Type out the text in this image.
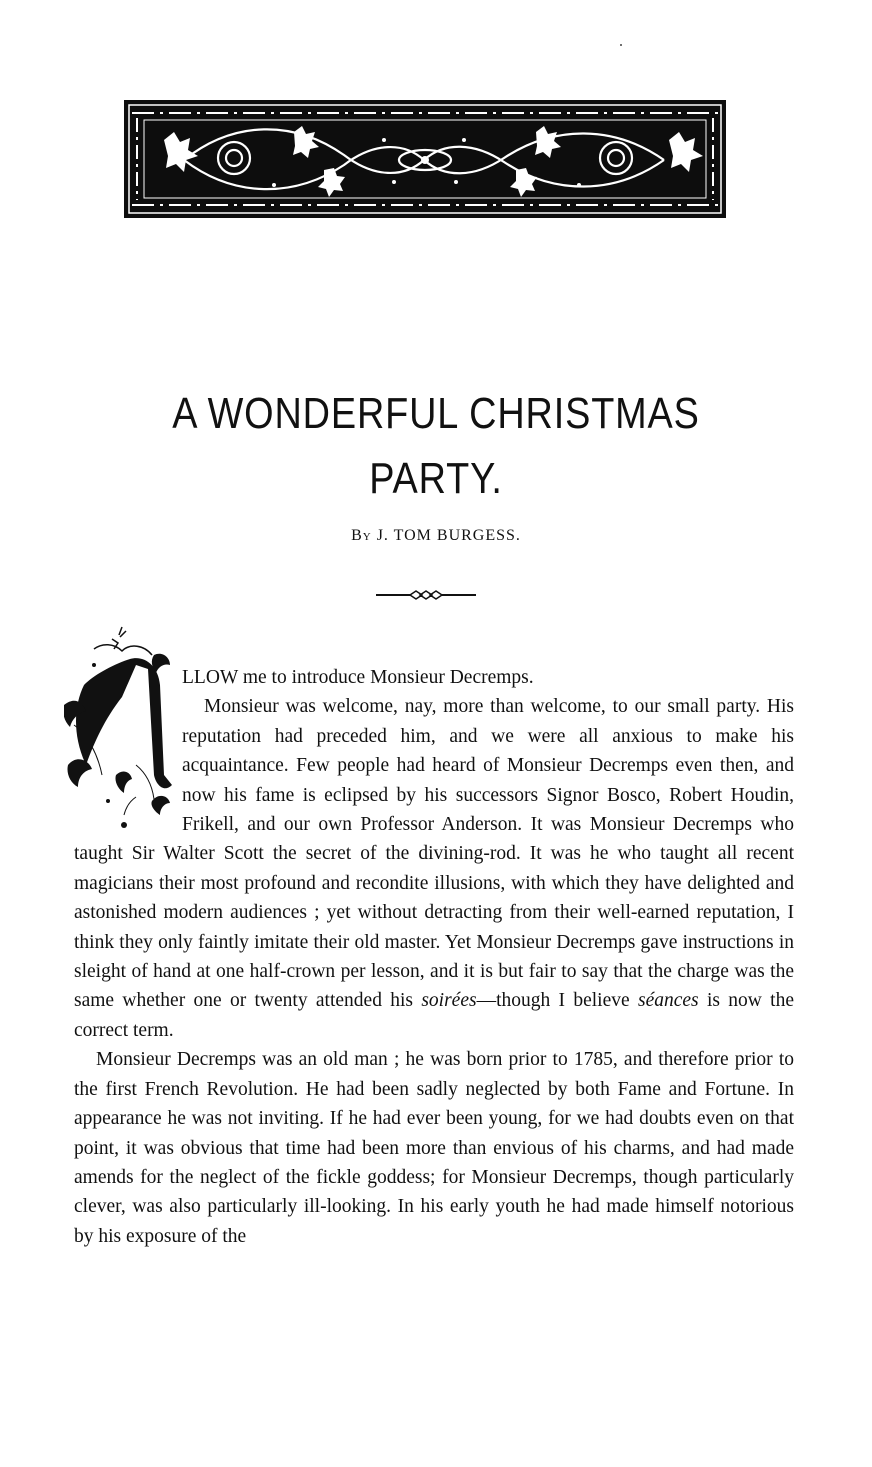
A WONDERFUL CHRISTMAS
PARTY.
By J. TOM BURGESS.

LLOW me to introduce Monsieur Decremps.

Monsieur was welcome, nay, more than welcome, to our small party. His reputation had preceded him, and we were all anxious to make his acquaintance. Few people had heard of Monsieur Decremps even then, and now his fame is eclipsed by his successors Signor Bosco, Robert Houdin, Frikell, and our own Professor Anderson. It was Monsieur Decremps who taught Sir Walter Scott the secret of the divining-rod. It was he who taught all recent magicians their most profound and recondite illusions, with which they have delighted and astonished modern audiences ; yet without detracting from their well-earned reputation, I think they only faintly imitate their old master. Yet Monsieur Decremps gave instructions in sleight of hand at one half-crown per lesson, and it is but fair to say that the charge was the same whether one or twenty attended his soirées—though I believe séances is now the correct term.

Monsieur Decremps was an old man ; he was born prior to 1785, and therefore prior to the first French Revolution. He had been sadly neglected by both Fame and Fortune. In appearance he was not inviting. If he had ever been young, for we had doubts even on that point, it was obvious that time had been more than envious of his charms, and had made amends for the neglect of the fickle goddess; for Monsieur Decremps, though particularly clever, was also particularly ill-looking. In his early youth he had made himself notorious by his exposure of the
